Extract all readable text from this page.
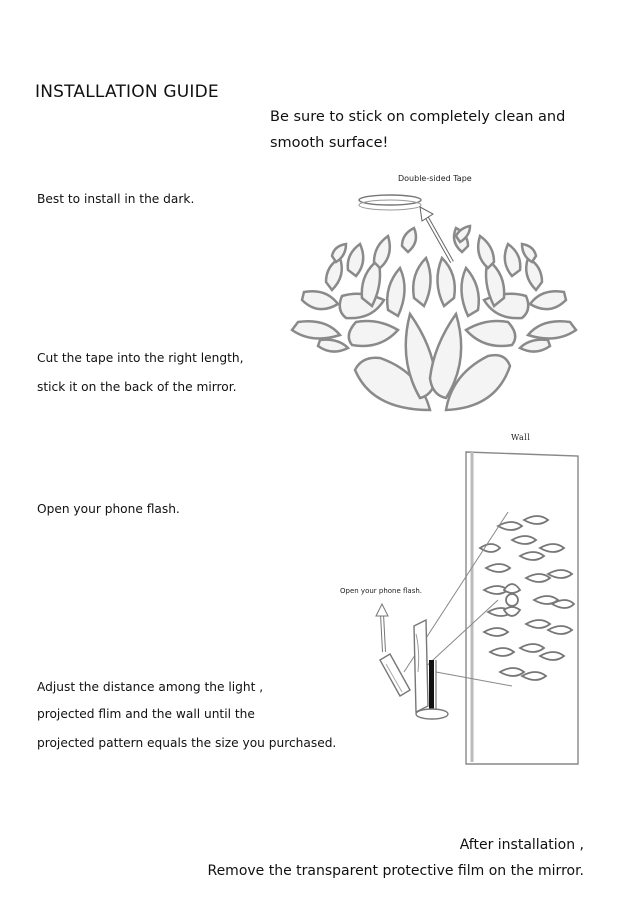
INSTALLATION GUIDE
Be sure to stick on completely clean and
smooth surface!
Best to install in the dark.
Cut the tape into the right length,
stick it on the back of the mirror.
Open your phone flash.
Adjust the distance among the light ,
projected flim and the wall until the
projected pattern equals the size you purchased.
After installation ,
Remove the transparent protective film on the mirror.
Double-sided Tape
Wall
Open your phone flash.
